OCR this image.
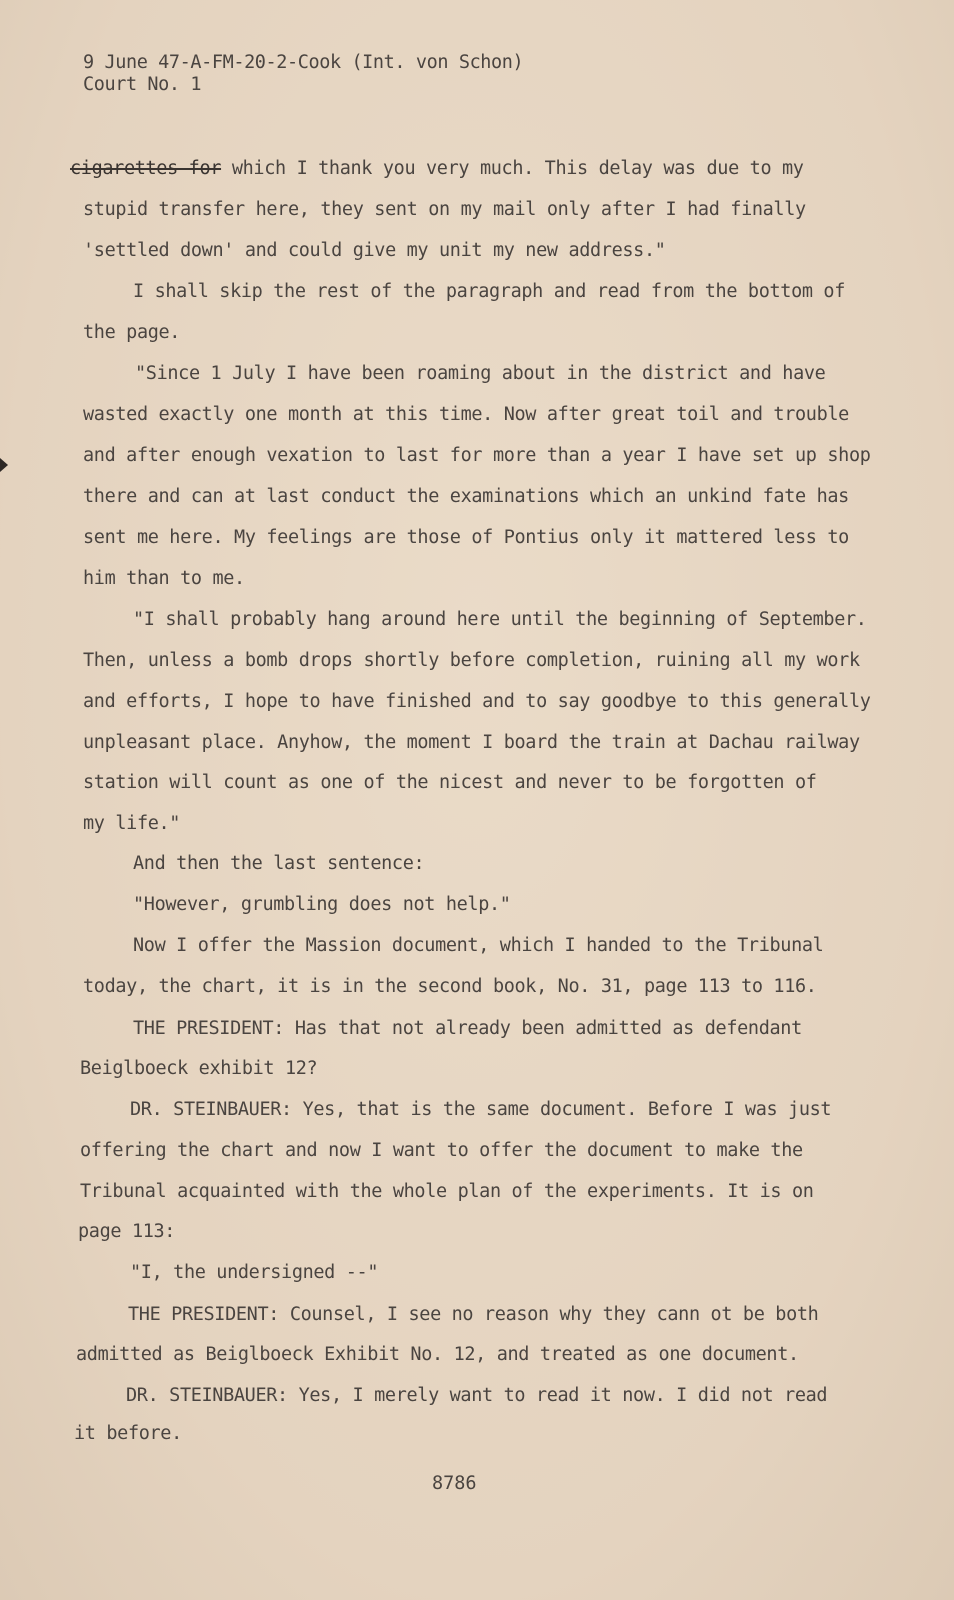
9 June 47-A-FM-20-2-Cook (Int. von Schon)
Court No. 1
cigarettes for which I thank you very much. This delay was due to my
stupid transfer here, they sent on my mail only after I had finally
'settled down' and could give my unit my new address."
I shall skip the rest of the paragraph and read from the bottom of
the page.
"Since 1 July I have been roaming about in the district and have
wasted exactly one month at this time. Now after great toil and trouble
and after enough vexation to last for more than a year I have set up shop
there and can at last conduct the examinations which an unkind fate has
sent me here. My feelings are those of Pontius only it mattered less to
him than to me.
"I shall probably hang around here until the beginning of September.
Then, unless a bomb drops shortly before completion, ruining all my work
and efforts, I hope to have finished and to say goodbye to this generally
unpleasant place. Anyhow, the moment I board the train at Dachau railway
station will count as one of the nicest and never to be forgotten of
my life."
And then the last sentence:
"However, grumbling does not help."
Now I offer the Massion document, which I handed to the Tribunal
today, the chart, it is in the second book, No. 31, page 113 to 116.
THE PRESIDENT: Has that not already been admitted as defendant
Beiglboeck exhibit 12?
DR. STEINBAUER: Yes, that is the same document. Before I was just
offering the chart and now I want to offer the document to make the
Tribunal acquainted with the whole plan of the experiments. It is on
page 113:
"I, the undersigned --"
THE PRESIDENT: Counsel, I see no reason why they cann ot be both
admitted as Beiglboeck Exhibit No. 12, and treated as one document.
DR. STEINBAUER: Yes, I merely want to read it now. I did not read
it before.
8786
